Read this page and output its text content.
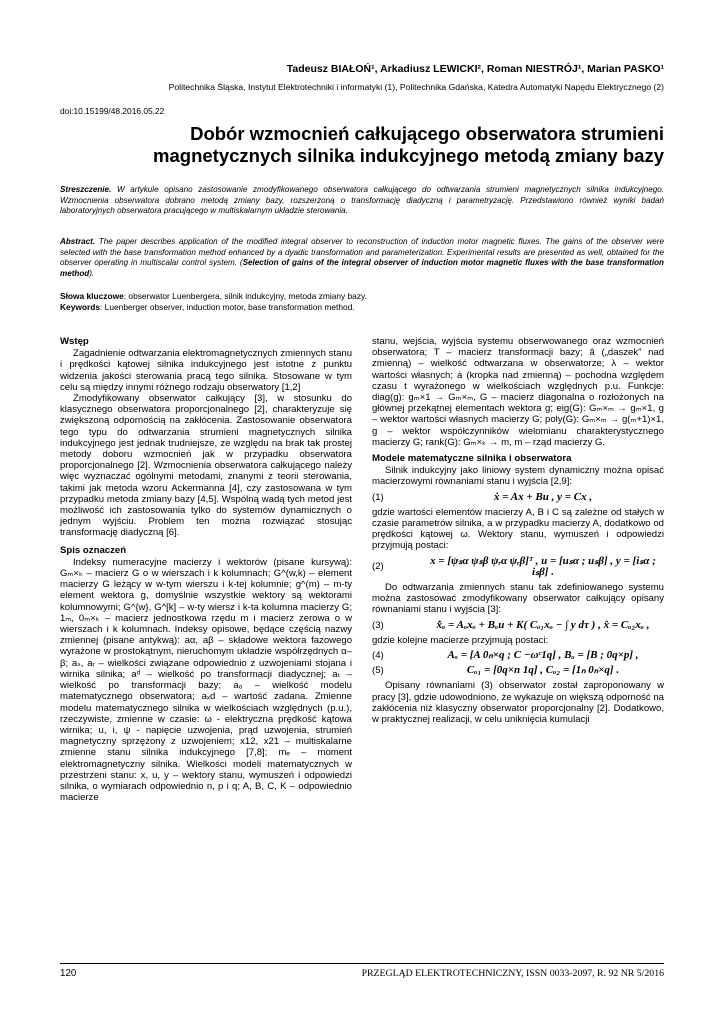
Tadeusz BIAŁOŃ¹, Arkadiusz LEWICKI², Roman NIESTRÓJ¹, Marian PASKO¹
Politechnika Śląska, Instytut Elektrotechniki i informatyki (1), Politechnika Gdańska, Katedra Automatyki Napędu Elektrycznego (2)
doi:10.15199/48.2016.05.22
Dobór wzmocnień całkującego obserwatora strumieni
magnetycznych silnika indukcyjnego metodą zmiany bazy
Streszczenie. W artykule opisano zastosowanie zmodyfikowanego obserwatora całkującego do odtwarzania strumieni magnetycznych silnika indukcyjnego. Wzmocnienia obserwatora dobrano metodą zmiany bazy, rozszerzoną o transformację diadyczną i parametryzację. Przedstawiono również wyniki badań laboratoryjnych obserwatora pracującego w multiskalarnym układzie sterowania.
Abstract. The paper describes application of the modified integral observer to reconstruction of induction motor magnetic fluxes. The gains of the observer were selected with the base transformation method enhanced by a dyadic transformation and parameterization. Experimental results are presented as well, obtained for the observer operating in multiscalar control system. (Selection of gains of the integral observer of induction motor magnetic fluxes with the base transformation method).
Słowa kluczowe: obserwator Luenbergera, silnik indukcyjny, metoda zmiany bazy.
Keywords: Luenberger observer, induction motor, base transformation method.
Wstęp

Zagadnienie odtwarzania elektromagnetycznych zmiennych stanu i prędkości kątowej silnika indukcyjnego jest istotne z punktu widzenia jakości sterowania pracą tego silnika. Stosowane w tym celu są między innymi różnego rodzaju obserwatory [1,2]

Zmodyfikowany obserwator całkujący [3], w stosunku do klasycznego obserwatora proporcjonalnego [2], charakteryzuje się zwiększoną odpornością na zakłócenia. Zastosowanie obserwatora tego typu do odtwarzania strumieni magnetycznych silnika indukcyjnego jest jednak trudniejsze, ze względu na brak tak prostej metody doboru wzmocnień jak w przypadku obserwatora proporcjonalnego [2]. Wzmocnienia obserwatora całkującego należy więc wyznaczać ogólnymi metodami, znanymi z teorii sterowania, takimi jak metoda wzoru Ackermanna [4], czy zastosowana w tym przypadku metoda zmiany bazy [4,5]. Wspólną wadą tych metod jest możliwość ich zastosowania tylko do systemów dynamicznych o jednym wyjściu. Problem ten można rozwiązać stosując transformację diadyczną [6].

Spis oznaczeń

Indeksy numeracyjne macierzy i wektorów (pisane kursywą): Gₘ×ₖ – macierz G o w wierszach i k kolumnach; G^(w,k) – element macierzy G leżący w w-tym wierszu i k-tej kolumnie; g^(m) – m-ty element wektora g, domyślnie wszystkie wektory są wektorami kolumnowymi; G^{w}, G^[k] – w-ty wiersz i k-ta kolumna macierzy G; 1ₘ, 0ₘ×ₖ – macierz jednostkowa rzędu m i macierz zerowa o w wierszach i k kolumnach. Indeksy opisowe, będące częścią nazwy zmiennej (pisane antykwą): aα, aβ – składowe wektora fazowego wyrażone w prostokątnym, nieruchomym układzie współrzędnych α–β; aₛ, aᵣ – wielkości związane odpowiednio z uzwojeniami stojana i wirnika silnika; aᵈ – wielkość po transformacji diadycznej; aₜ – wielkość po transformacji bazy; aₒ – wielkość modelu matematycznego obserwatora; aₓd – wartość zadana. Zmienne modelu matematycznego silnika w wielkościach względnych (p.u.), rzeczywiste, zmienne w czasie: ω - elektryczna prędkość kątowa wirnika; u, i, ψ - napięcie uzwojenia, prąd uzwojenia, strumień magnetyczny sprzężony z uzwojeniem; x12, x21 – multiskalarne zmienne stanu silnika indukcyjnego [7,8]; mₑ – moment elektromagnetyczny silnika. Wielkości modeli matematycznych w przestrzeni stanu: x, u, y – wektory stanu, wymuszeń i odpowiedzi silnika, o wymiarach odpowiednio n, p i q; A, B, C, K – odpowiednio macierze

stanu, wejścia, wyjścia systemu obserwowanego oraz wzmocnień obserwatora; T – macierz transformacji bazy; â („daszek” nad zmienną) – wielkość odtwarzana w obserwatorze; λ – wektor wartości własnych; ȧ (kropka nad zmienną) – pochodna względem czasu t wyrażonego w wielkościach względnych p.u. Funkcje: diag(g): gₘ×1 → Gₘ×ₘ, G – macierz diagonalna o rozłożonych na głównej przekątnej elementach wektora g; eig(G): Gₘ×ₘ → gₘ×1, g – wektor wartości własnych macierzy G; poly(G): Gₘ×ₘ → g(ₘ+1)×1, g – wektor współczynników wielomianu charakterystycznego macierzy G; rank(G): Gₘ×ₖ → m, m – rząd macierzy G.

Modele matematyczne silnika i obserwatora

Silnik indukcyjny jako liniowy system dynamiczny można opisać macierzowymi równaniami stanu i wyjścia [2,9]:

(1)	ẋ = Ax + Bu , y = Cx ,

gdzie wartości elementów macierzy A, B i C są zależne od stałych w czasie parametrów silnika, a w przypadku macierzy A, dodatkowo od prędkości kątowej ω. Wektory stanu, wymuszeń i odpowiedzi przyjmują postaci:

(2)
x = [ψₛα ψₛβ ψᵣα ψᵣβ]ᵀ , u = [uₛα ; uₛβ] , y = [iₛα ; iₛβ] .

Do odtwarzania zmiennych stanu tak zdefiniowanego systemu można zastosować zmodyfikowany obserwator całkujący opisany równaniami stanu i wyjścia [3]:

(3)	x̂̇ₒ = Aₒxₒ + Bₒu + K( Cₒ₁xₒ − ∫ y dτ ) , x̂ = Cₒ₂xₒ ,

gdzie kolejne macierze przyjmują postaci:

(4)	Aₒ = [A 0ₙ×q ; C −ωᶜ1q] , Bₒ = [B ; 0q×p] ,
(5)	Cₒ₁ = [0q×n 1q] , Cₒ₂ = [1ₙ 0ₙ×q] .

Opisany równaniami (3) obserwator został zaproponowany w pracy [3], gdzie udowodniono, że wykazuje on większą odporność na zakłócenia niż klasyczny obserwator proporcjonalny [2]. Dodatkowo, w praktycznej realizacji, w celu uniknięcia kumulacji

120	PRZEGLĄD ELEKTROTECHNICZNY, ISSN 0033-2097, R. 92 NR 5/2016
